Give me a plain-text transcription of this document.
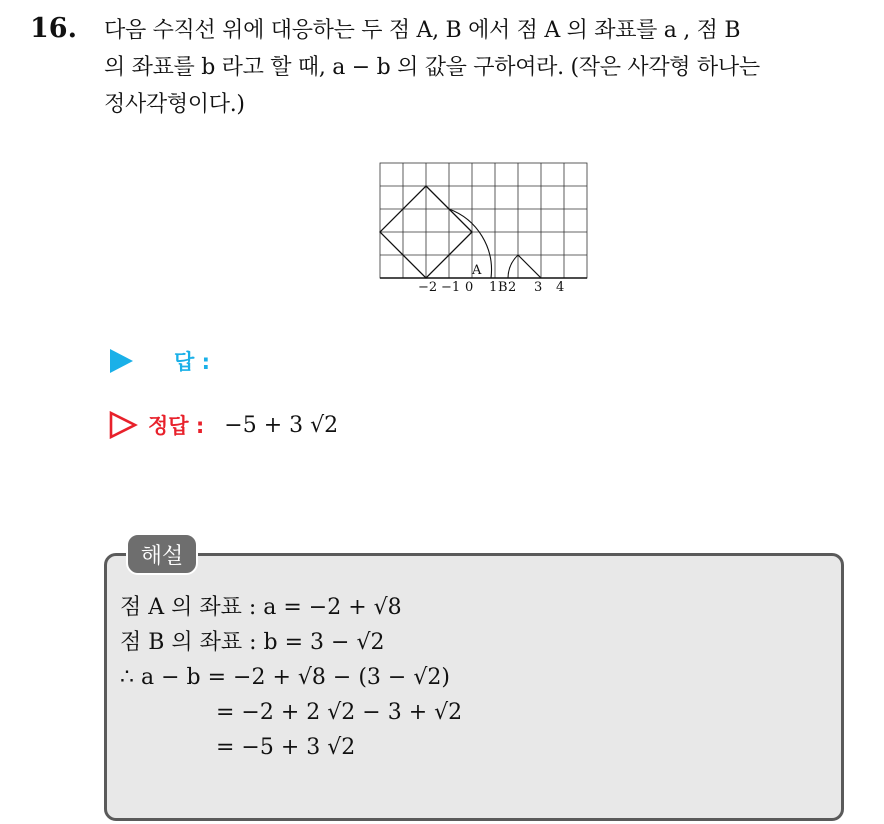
16. 다음 수직선 위에 대응하는 두 점 A, B 에서 점 A 의 좌표를 a , 점 B
의 좌표를 b 라고 할 때, a − b 의 값을 구하여라. (작은 사각형 하나는
정사각형이다.)
A
−2 −1 0 1 B 2 3 4
답 :
정답 : −5 + 3 √2
해설
점 A 의 좌표 : a = −2 + √8
점 B 의 좌표 : b = 3 − √2
∴ a − b = −2 + √8 − (3 − √2)
= −2 + 2 √2 − 3 + √2
= −5 + 3 √2
